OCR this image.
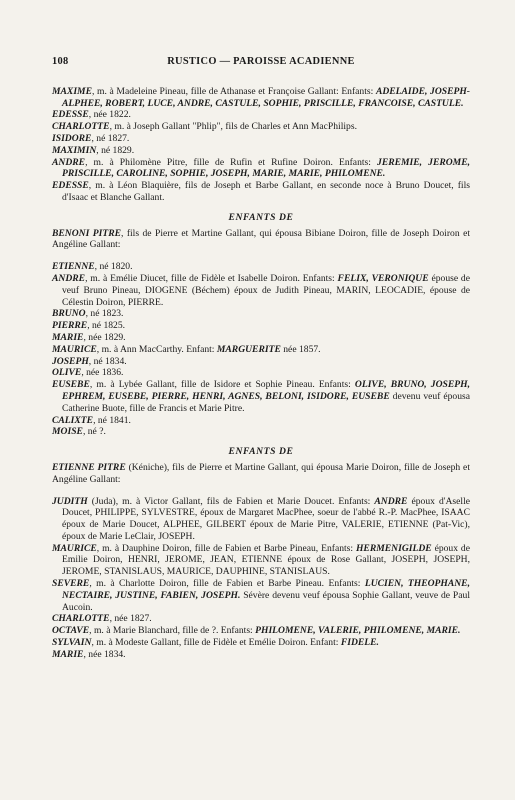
108	RUSTICO — PAROISSE ACADIENNE
MAXIME, m. à Madeleine Pineau, fille de Athanase et Françoise Gallant: Enfants: ADELAIDE, JOSEPH-ALPHEE, ROBERT, LUCE, ANDRE, CASTULE, SOPHIE, PRISCILLE, FRANCOISE, CASTULE.
EDESSE, née 1822.
CHARLOTTE, m. à Joseph Gallant "Phlip", fils de Charles et Ann MacPhilips.
ISIDORE, né 1827.
MAXIMIN, né 1829.
ANDRE, m. à Philomène Pitre, fille de Rufin et Rufine Doiron. Enfants: JEREMIE, JEROME, PRISCILLE, CAROLINE, SOPHIE, JOSEPH, MARIE, MARIE, PHILOMENE.
EDESSE, m. à Léon Blaquière, fils de Joseph et Barbe Gallant, en seconde noce à Bruno Doucet, fils d'Isaac et Blanche Gallant.
ENFANTS DE
BENONI PITRE, fils de Pierre et Martine Gallant, qui épousa Bibiane Doiron, fille de Joseph Doiron et Angéline Gallant:
ETIENNE, né 1820.
ANDRE, m. à Emélie Diucet, fille de Fidèle et Isabelle Doiron. Enfants: FELIX, VERONIQUE épouse de veuf Bruno Pineau, DIOGENE (Béchem) époux de Judith Pineau, MARIN, LEOCADIE, épouse de Célestin Doiron, PIERRE.
BRUNO, né 1823.
PIERRE, né 1825.
MARIE, née 1829.
MAURICE, m. à Ann MacCarthy. Enfant: MARGUERITE née 1857.
JOSEPH, né 1834.
OLIVE, née 1836.
EUSEBE, m. à Lybée Gallant, fille de Isidore et Sophie Pineau. Enfants: OLIVE, BRUNO, JOSEPH, EPHREM, EUSEBE, PIERRE, HENRI, AGNES, BELONI, ISIDORE, EUSEBE devenu veuf épousa Catherine Buote, fille de Francis et Marie Pitre.
CALIXTE, né 1841.
MOISE, né ?.
ENFANTS DE
ETIENNE PITRE (Kéniche), fils de Pierre et Martine Gallant, qui épousa Marie Doiron, fille de Joseph et Angéline Gallant:
JUDITH (Juda), m. à Victor Gallant, fils de Fabien et Marie Doucet. Enfants: ANDRE époux d'Aselle Doucet, PHILIPPE, SYLVESTRE, époux de Margaret MacPhee, soeur de l'abbé R.-P. MacPhee, ISAAC époux de Marie Doucet, ALPHEE, GILBERT époux de Marie Pitre, VALERIE, ETIENNE (Pat-Vic), époux de Marie LeClair, JOSEPH.
MAURICE, m. à Dauphine Doiron, fille de Fabien et Barbe Pineau, Enfants: HERMENIGILDE époux de Emilie Doiron, HENRI, JEROME, JEAN, ETIENNE époux de Rose Gallant, JOSEPH, JOSEPH, JEROME, STANISLAUS, MAURICE, DAUPHINE, STANISLAUS.
SEVERE, m. à Charlotte Doiron, fille de Fabien et Barbe Pineau. Enfants: LUCIEN, THEOPHANE, NECTAIRE, JUSTINE, FABIEN, JOSEPH. Sévère devenu veuf épousa Sophie Gallant, veuve de Paul Aucoin.
CHARLOTTE, née 1827.
OCTAVE, m. à Marie Blanchard, fille de ?. Enfants: PHILOMENE, VALERIE, PHILOMENE, MARIE.
SYLVAIN, m. à Modeste Gallant, fille de Fidèle et Emélie Doiron. Enfant: FIDELE.
MARIE, née 1834.
